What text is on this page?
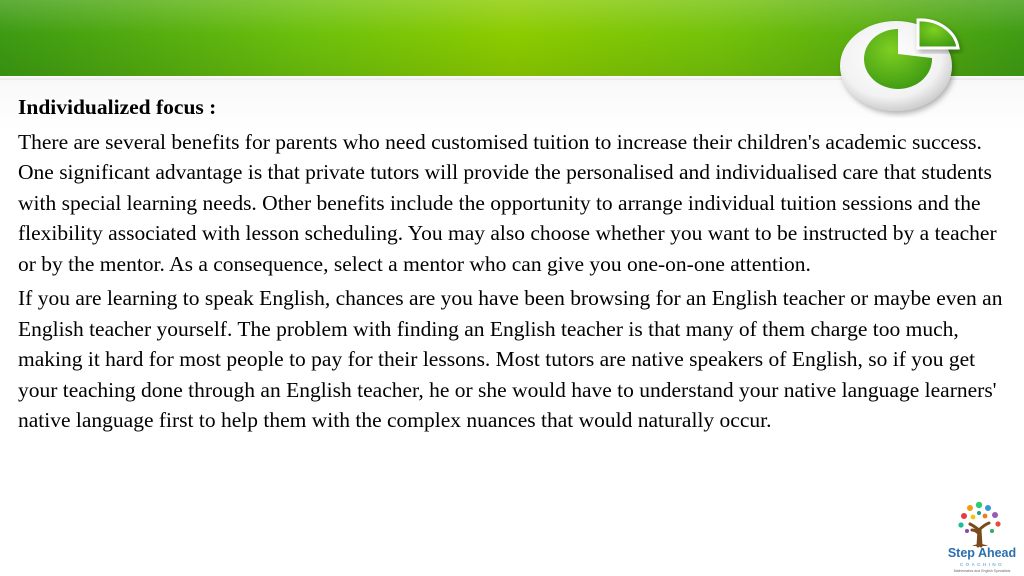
Individualized focus :
There are several benefits for parents who need customised tuition to increase their children's academic success. One significant advantage is that private tutors will provide the personalised and individualised care that students with special learning needs. Other benefits include the opportunity to arrange individual tuition sessions and the flexibility associated with lesson scheduling. You may also choose whether you want to be instructed by a teacher or by the mentor. As a consequence, select a mentor who can give you one-on-one attention.
If you are learning to speak English, chances are you have been browsing for an English teacher or maybe even an English teacher yourself. The problem with finding an English teacher is that many of them charge too much, making it hard for most people to pay for their lessons. Most tutors are native speakers of English, so if you get your teaching done through an English teacher, he or she would have to understand your native language learners' native language first to help them with the complex nuances that would naturally occur.
Step Ahead
COACHING
Mathematics and English Specialists
